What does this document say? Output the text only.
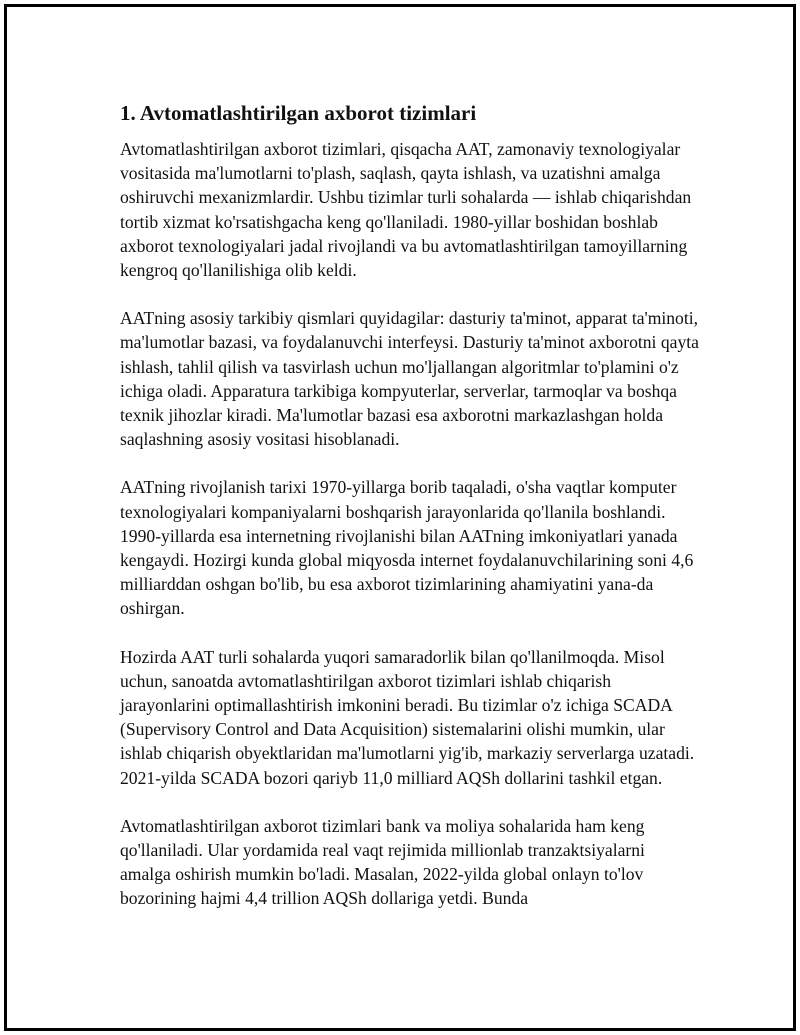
1. Avtomatlashtirilgan axborot tizimlari

Avtomatlashtirilgan axborot tizimlari, qisqacha AAT, zamonaviy texnologiyalar vositasida ma'lumotlarni to'plash, saqlash, qayta ishlash, va uzatishni amalga oshiruvchi mexanizmlardir. Ushbu tizimlar turli sohalarda — ishlab chiqarishdan tortib xizmat ko'rsatishgacha keng qo'llaniladi. 1980-yillar boshidan boshlab axborot texnologiyalari jadal rivojlandi va bu avtomatlashtirilgan tamoyillarning kengroq qo'llanilishiga olib keldi.

AATning asosiy tarkibiy qismlari quyidagilar: dasturiy ta'minot, apparat ta'minoti, ma'lumotlar bazasi, va foydalanuvchi interfeysi. Dasturiy ta'minot axborotni qayta ishlash, tahlil qilish va tasvirlash uchun mo'ljallangan algoritmlar to'plamini o'z ichiga oladi. Apparatura tarkibiga kompyuterlar, serverlar, tarmoqlar va boshqa texnik jihozlar kiradi. Ma'lumotlar bazasi esa axborotni markazlashgan holda saqlashning asosiy vositasi hisoblanadi.

AATning rivojlanish tarixi 1970-yillarga borib taqaladi, o'sha vaqtlar komputer texnologiyalari kompaniyalarni boshqarish jarayonlarida qo'llanila boshlandi. 1990-yillarda esa internetning rivojlanishi bilan AATning imkoniyatlari yanada kengaydi. Hozirgi kunda global miqyosda internet foydalanuvchilarining soni 4,6 milliarddan oshgan bo'lib, bu esa axborot tizimlarining ahamiyatini yana-da oshirgan.

Hozirda AAT turli sohalarda yuqori samaradorlik bilan qo'llanilmoqda. Misol uchun, sanoatda avtomatlashtirilgan axborot tizimlari ishlab chiqarish jarayonlarini optimallashtirish imkonini beradi. Bu tizimlar o'z ichiga SCADA (Supervisory Control and Data Acquisition) sistemalarini olishi mumkin, ular ishlab chiqarish obyektlaridan ma'lumotlarni yig'ib, markaziy serverlarga uzatadi. 2021-yilda SCADA bozori qariyb 11,0 milliard AQSh dollarini tashkil etgan.

Avtomatlashtirilgan axborot tizimlari bank va moliya sohalarida ham keng qo'llaniladi. Ular yordamida real vaqt rejimida millionlab tranzaktsiyalarni amalga oshirish mumkin bo'ladi. Masalan, 2022-yilda global onlayn to'lov bozorining hajmi 4,4 trillion AQSh dollariga yetdi. Bunda
